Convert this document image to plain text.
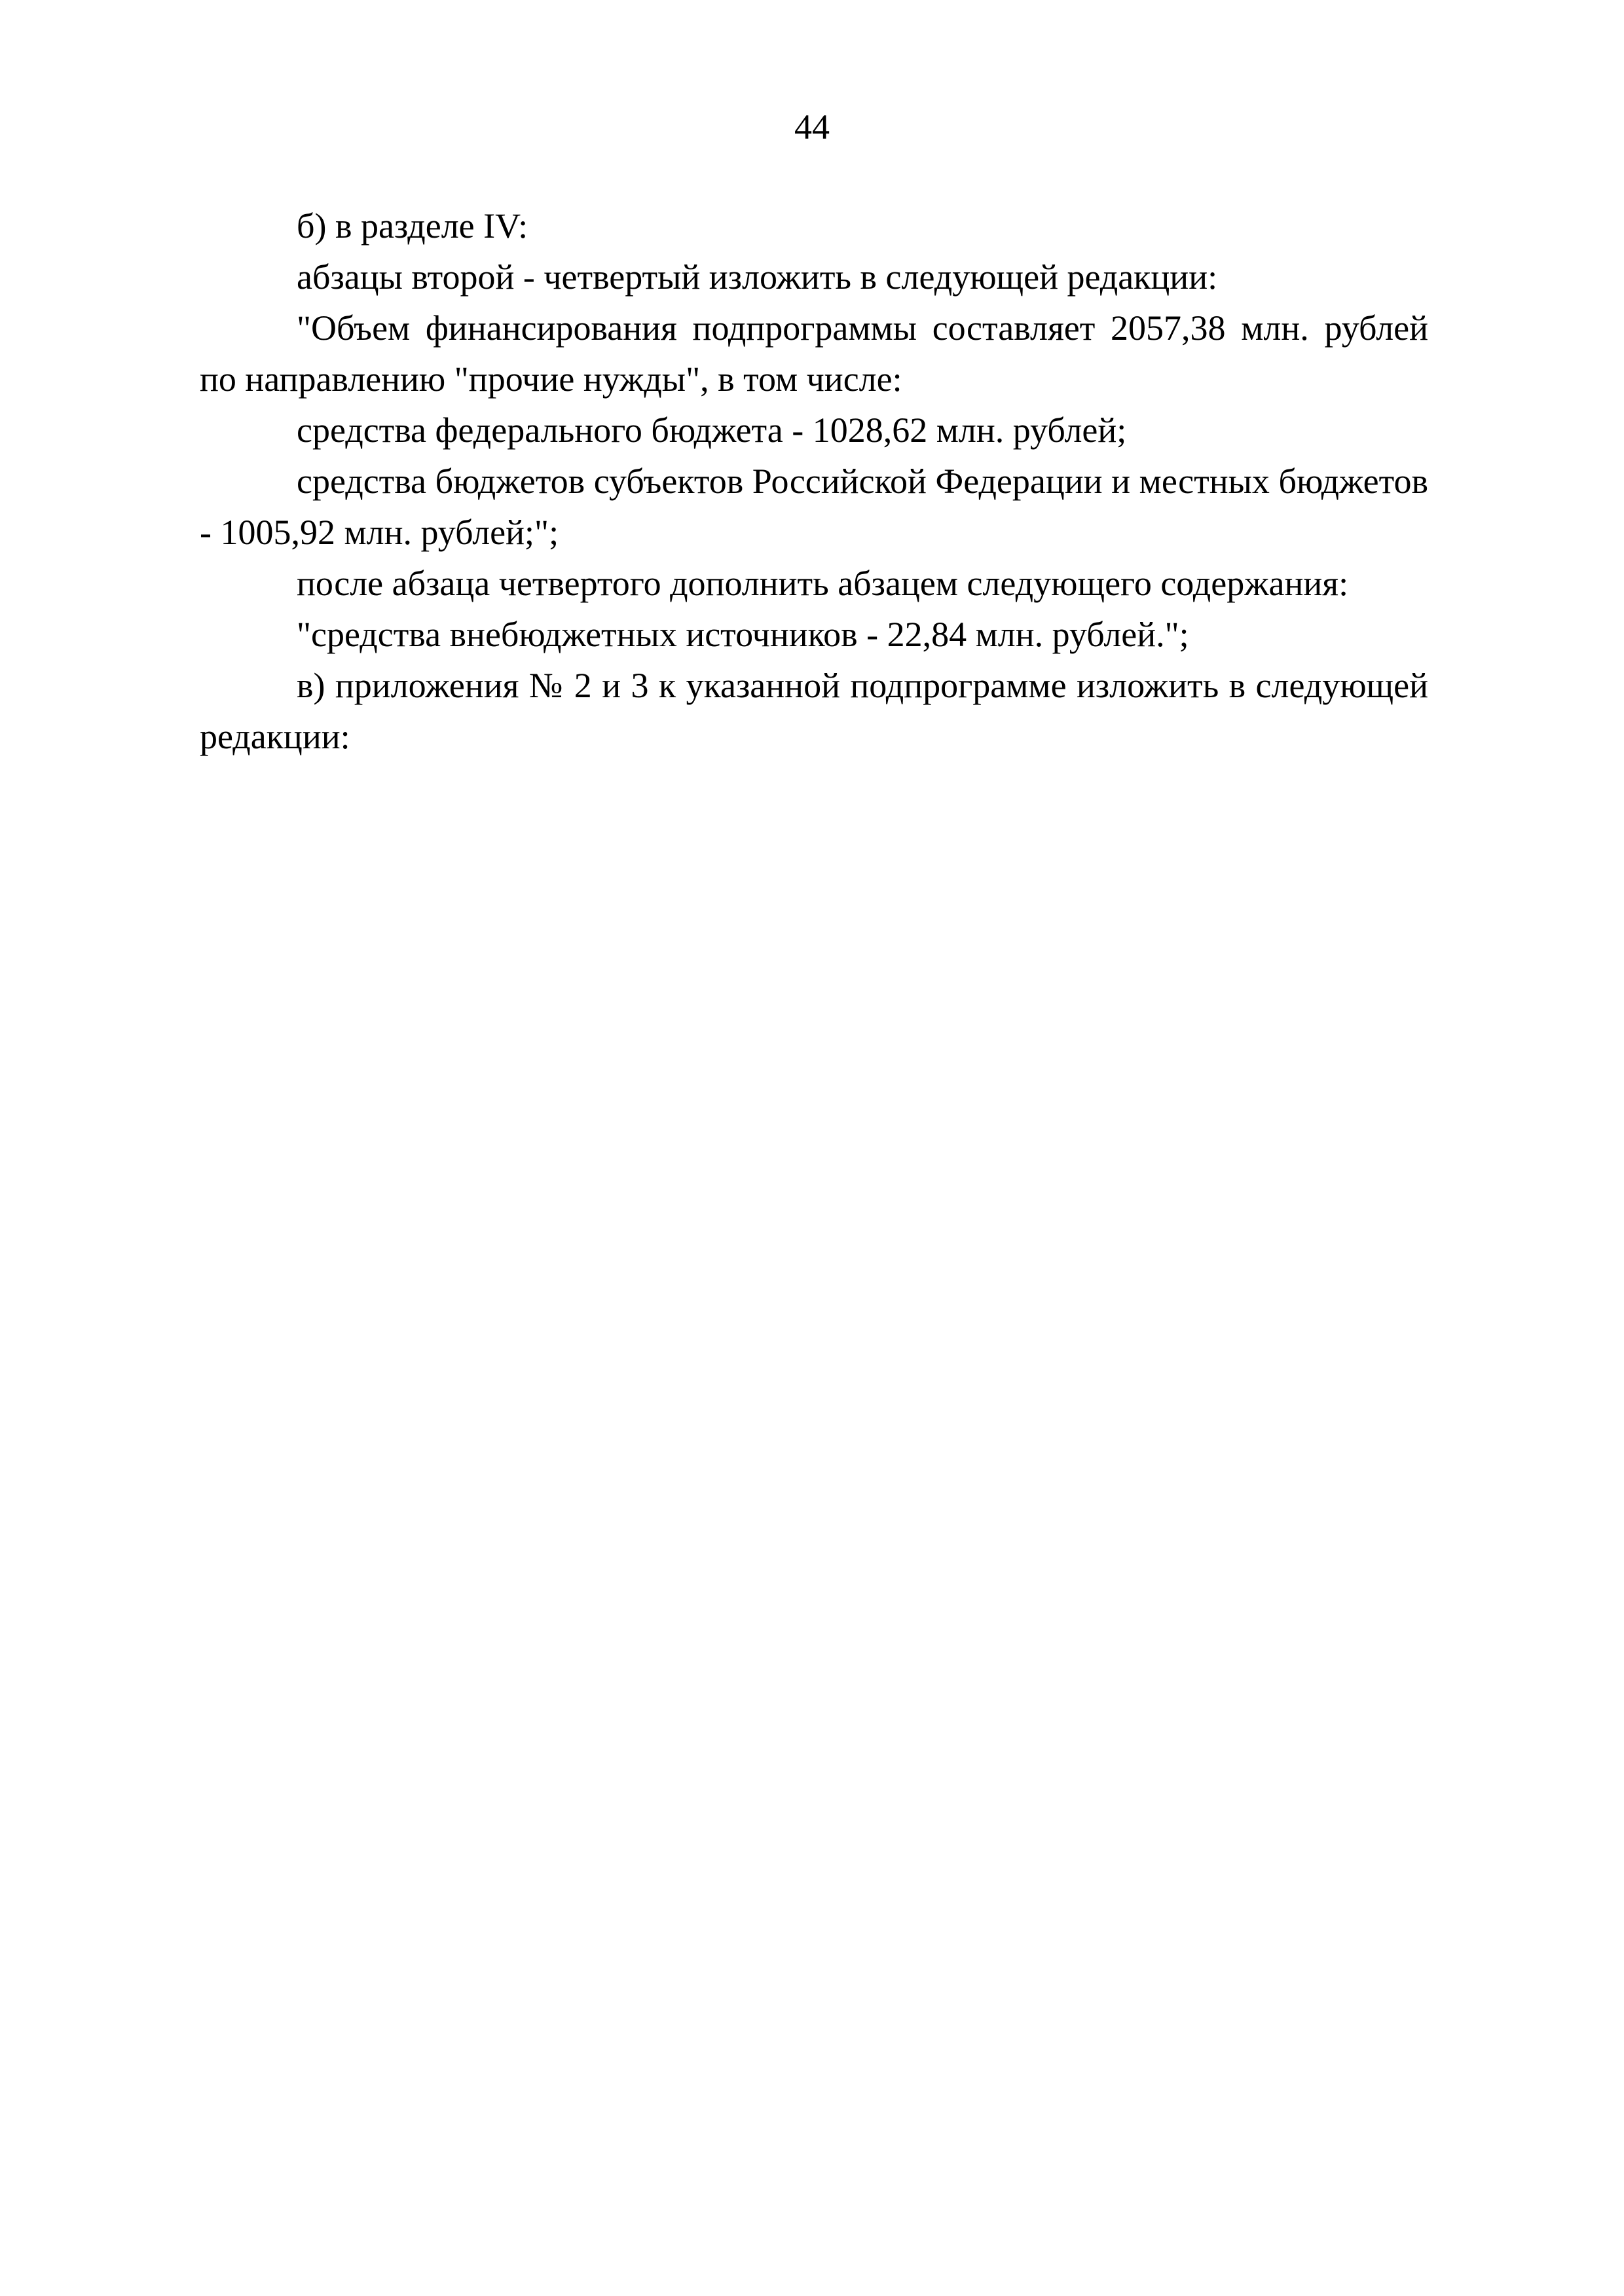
44

б) в разделе IV:

абзацы второй - четвертый изложить в следующей редакции:

"Объем финансирования подпрограммы составляет 2057,38 млн. рублей по направлению "прочие нужды", в том числе:

средства федерального бюджета - 1028,62 млн. рублей;

средства бюджетов субъектов Российской Федерации и местных бюджетов - 1005,92 млн. рублей;";

после абзаца четвертого дополнить абзацем следующего содержания:

"средства внебюджетных источников - 22,84 млн. рублей.";

в) приложения № 2 и 3 к указанной подпрограмме изложить в следующей редакции:
